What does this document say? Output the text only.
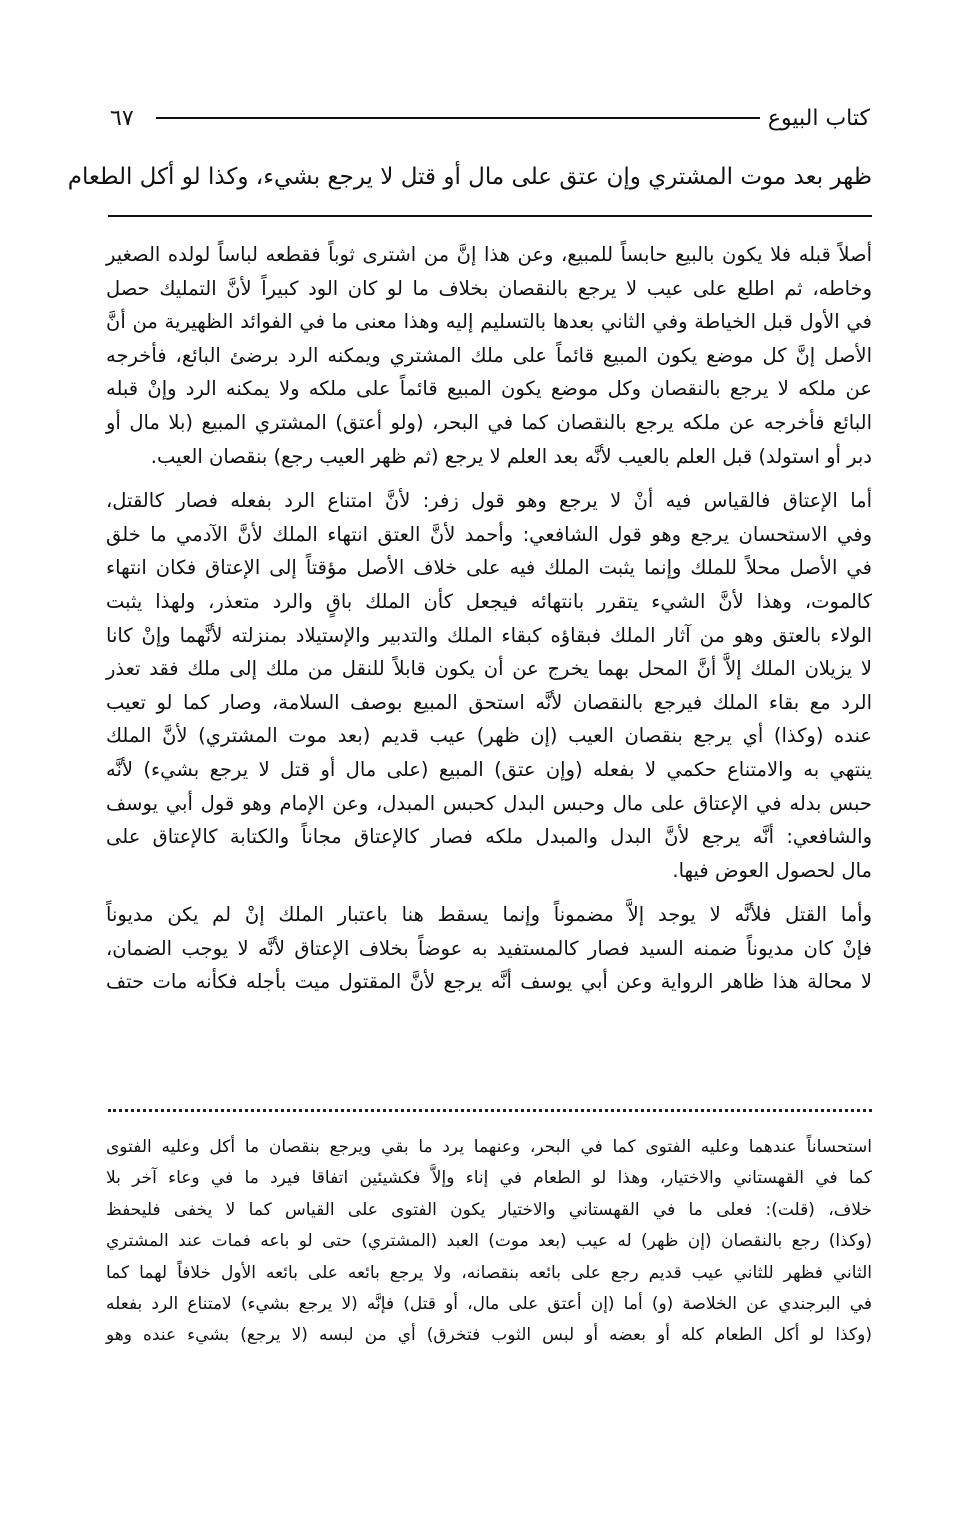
كتاب البيوع
٦٧
ظهر بعد موت المشتري وإن عتق على مال أو قتل لا يرجع بشيء، وكذا لو أكل الطعام

أصلاً قبله فلا يكون بالبيع حابساً للمبيع، وعن هذا إنَّ من اشترى ثوباً فقطعه لباساً لولده الصغير
وخاطه، ثم اطلع على عيب لا يرجع بالنقصان بخلاف ما لو كان الود كبيراً لأنَّ التمليك حصل
في الأول قبل الخياطة وفي الثاني بعدها بالتسليم إليه وهذا معنى ما في الفوائد الظهيرية من أنَّ
الأصل إنَّ كل موضع يكون المبيع قائماً على ملك المشتري ويمكنه الرد برضئ البائع، فأخرجه
عن ملكه لا يرجع بالنقصان وكل موضع يكون المبيع قائماً على ملكه ولا يمكنه الرد وإنْ قبله
البائع فأخرجه عن ملكه يرجع بالنقصان كما في البحر، (ولو أعتق) المشتري المبيع (بلا مال أو
دبر أو استولد) قبل العلم بالعيب لأنَّه بعد العلم لا يرجع (ثم ظهر العيب رجع) بنقصان العيب.

أما الإعتاق فالقياس فيه أنْ لا يرجع وهو قول زفر: لأنَّ امتناع الرد بفعله فصار كالقتل،
وفي الاستحسان يرجع وهو قول الشافعي: وأحمد لأنَّ العتق انتهاء الملك لأنَّ الآدمي ما خلق
في الأصل محلاً للملك وإنما يثبت الملك فيه على خلاف الأصل مؤقتاً إلى الإعتاق فكان انتهاء
كالموت، وهذا لأنَّ الشيء يتقرر بانتهائه فيجعل كأن الملك باقٍ والرد متعذر، ولهذا يثبت
الولاء بالعتق وهو من آثار الملك فبقاؤه كبقاء الملك والتدبير والإستيلاد بمنزلته لأنَّهما وإنْ كانا
لا يزيلان الملك إلاَّ أنَّ المحل بهما يخرج عن أن يكون قابلاً للنقل من ملك إلى ملك فقد تعذر
الرد مع بقاء الملك فيرجع بالنقصان لأنَّه استحق المبيع بوصف السلامة، وصار كما لو تعيب
عنده (وكذا) أي يرجع بنقصان العيب (إن ظهر) عيب قديم (بعد موت المشتري) لأنَّ الملك
ينتهي به والامتناع حكمي لا بفعله (وإن عتق) المبيع (على مال أو قتل لا يرجع بشيء) لأنَّه
حبس بدله في الإعتاق على مال وحبس البدل كحبس المبدل، وعن الإمام وهو قول أبي يوسف
والشافعي: أنَّه يرجع لأنَّ البدل والمبدل ملكه فصار كالإعتاق مجاناً والكتابة كالإعتاق على
مال لحصول العوض فيها.

وأما القتل فلأنَّه لا يوجد إلاَّ مضموناً وإنما يسقط هنا باعتبار الملك إنْ لم يكن مديوناً
فإنْ كان مديوناً ضمنه السيد فصار كالمستفيد به عوضاً بخلاف الإعتاق لأنَّه لا يوجب الضمان،
لا محالة هذا ظاهر الرواية وعن أبي يوسف أنَّه يرجع لأنَّ المقتول ميت بأجله فكأنه مات حتف

استحساناً عندهما وعليه الفتوى كما في البحر، وعنهما يرد ما بقي ويرجع بنقصان ما أكل وعليه الفتوى
كما في القهستاني والاختيار، وهذا لو الطعام في إناء وإلاَّ فكشيئين اتفاقا فيرد ما في وعاء آخر بلا
خلاف، (قلت): فعلى ما في القهستاني والاختيار يكون الفتوى على القياس كما لا يخفى فليحفظ
(وكذا) رجع بالنقصان (إن ظهر) له عيب (بعد موت) العبد (المشتري) حتى لو باعه فمات عند المشتري
الثاني فظهر للثاني عيب قديم رجع على بائعه بنقصانه، ولا يرجع بائعه على بائعه الأول خلافاً لهما كما
في البرجندي عن الخلاصة (و) أما (إن أعتق على مال، أو قتل) فإنَّه (لا يرجع بشيء) لامتناع الرد بفعله
(وكذا لو أكل الطعام كله أو بعضه أو لبس الثوب فتخرق) أي من لبسه (لا يرجع) بشيء عنده وهو
